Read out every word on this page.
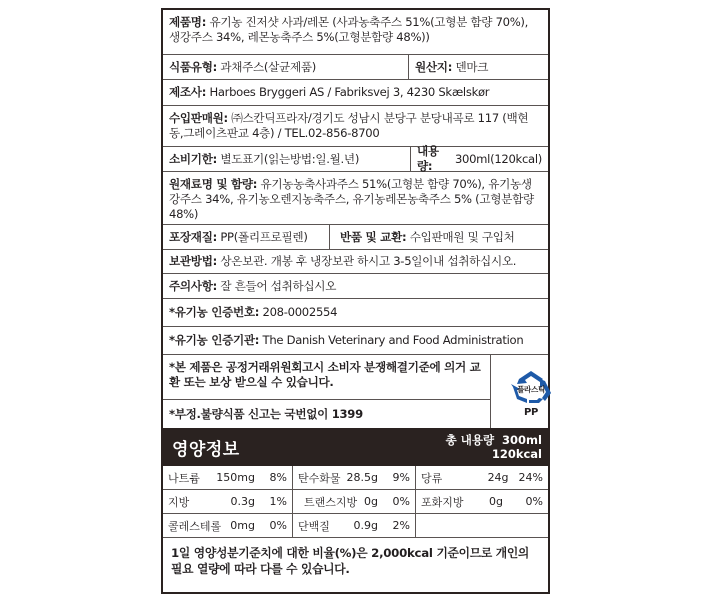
제품명: 유기농 진저샷 사과/레몬 (사과농축주스 51%(고형분 함량 70%), 생강주스 34%, 레몬농축주스 5%(고형분함량 48%))
식품유형:
과채주스(살균제품)	원산지:
덴마크
제조사:
Harboes Bryggeri AS / Fabriksvej 3, 4230 Skælskør
수입판매원: ㈜스칸딕프라자/경기도 성남시 분당구 분당내곡로 117 (백현동,그레이츠판교 4층) / TEL.02-856-8700
소비기한:
별도표기(읽는방법:일.월.년)
내용량:

300ml(120kcal)
원재료명 및 함량: 유기농농축사과주스 51%(고형분 함량 70%), 유기농생강주스 34%, 유기농오렌지농축주스, 유기농레몬농축주스 5% (고형분함량48%)
포장재질:
PP(폴리프로필렌)	반품 및 교환:
수입판매원 및 구입처
보관방법:
상온보관. 개봉 후 냉장보관 하시고 3-5일이내 섭취하십시오.
주의사항:
잘 흔들어 섭취하십시오
*유기농 인증번호:
208-0002554
*유기농 인증기관:
The Danish Veterinary and Food Administration
*본 제품은 공정거래위원회고시 소비자 분쟁해결기준에 의거 교환 또는 보상 받으실 수 있습니다.
*부정.불량식품 신고는 국번없이 1399
플라스틱
PP
영양정보	총 내용량  300ml
120kcal
나트륨	150mg	8% 탄수화물 28.5g	9% 당류	24g 24%
지방	0.3g	1%	트랜스지방 0g	0% 포화지방	0g	0%
콜레스테롤 0mg	0% 단백질	0.9g	2%
1일 영양성분기준치에 대한 비율(%)은 2,000kcal 기준이므로 개인의 필요 열량에 따라 다를 수 있습니다.
